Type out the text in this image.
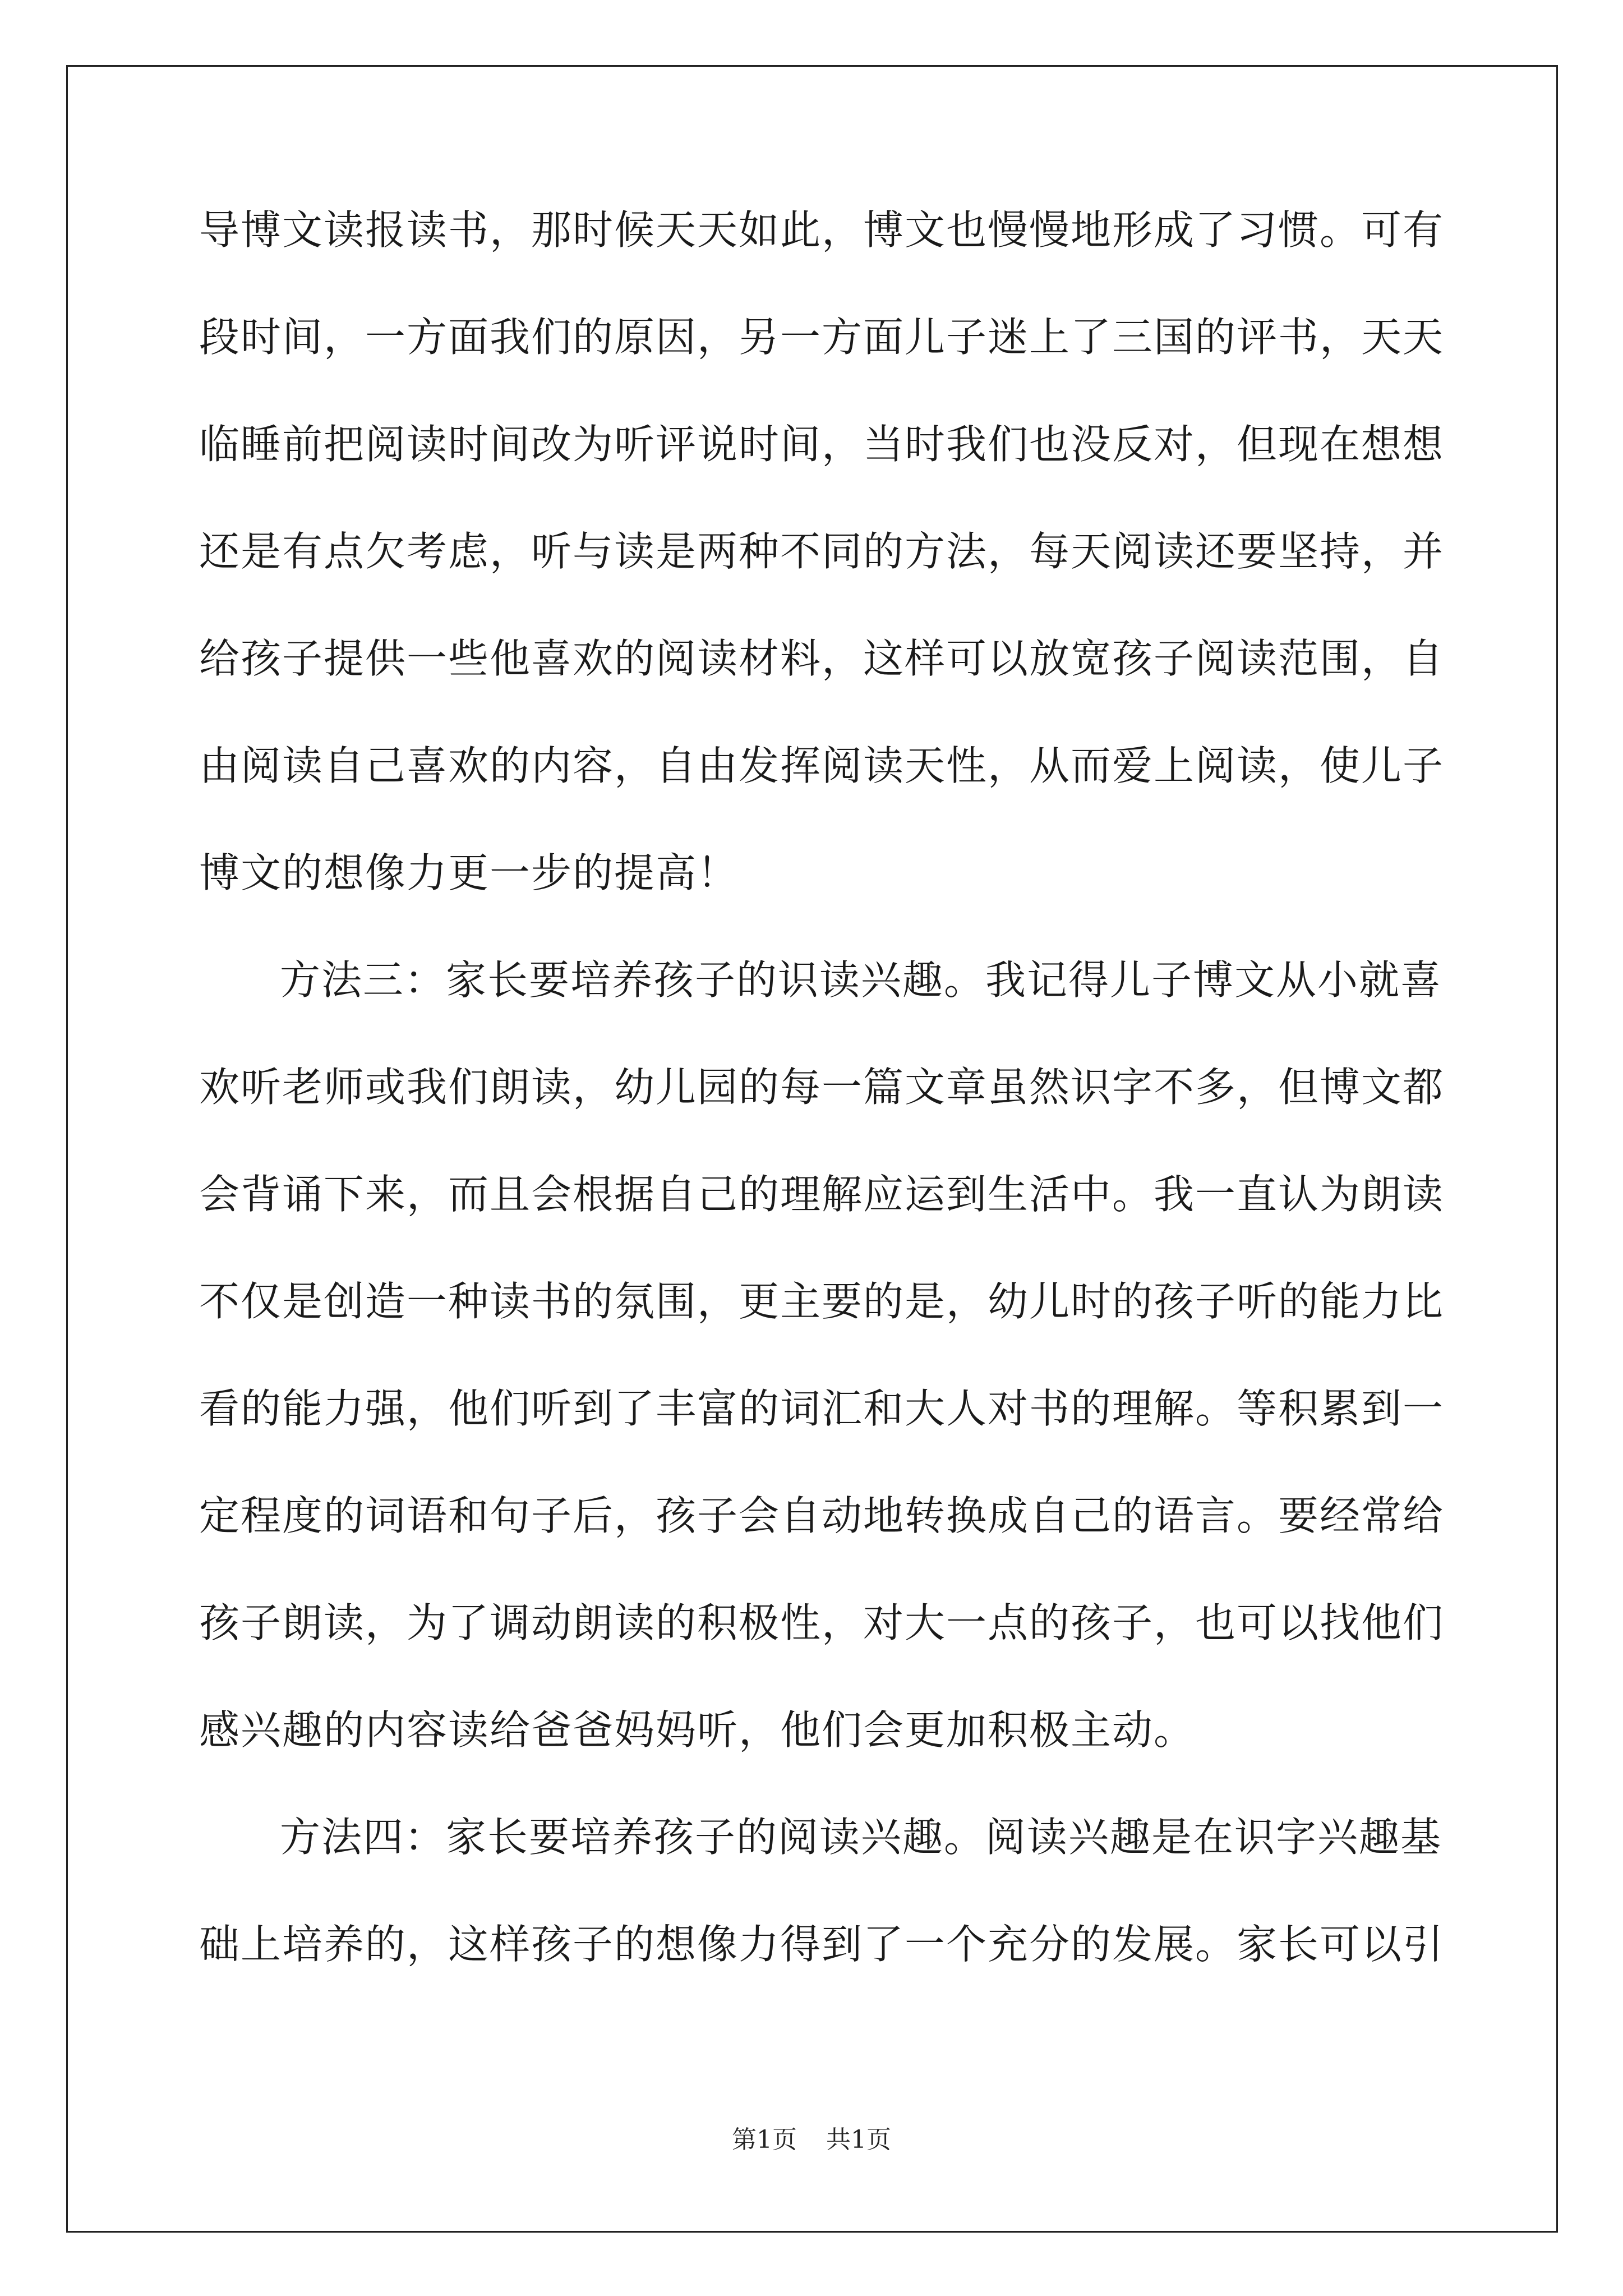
导博文读报读书，那时候天天如此，博文也慢慢地形成了习惯。可有
段时间，一方面我们的原因，另一方面儿子迷上了三国的评书，天天
临睡前把阅读时间改为听评说时间，当时我们也没反对，但现在想想
还是有点欠考虑，听与读是两种不同的方法，每天阅读还要坚持，并
给孩子提供一些他喜欢的阅读材料，这样可以放宽孩子阅读范围，自
由阅读自己喜欢的内容，自由发挥阅读天性，从而爱上阅读，使儿子
博文的想像力更一步的提高！
方法三：家长要培养孩子的识读兴趣。我记得儿子博文从小就喜
欢听老师或我们朗读，幼儿园的每一篇文章虽然识字不多，但博文都
会背诵下来，而且会根据自己的理解应运到生活中。我一直认为朗读
不仅是创造一种读书的氛围，更主要的是，幼儿时的孩子听的能力比
看的能力强，他们听到了丰富的词汇和大人对书的理解。等积累到一
定程度的词语和句子后，孩子会自动地转换成自己的语言。要经常给
孩子朗读，为了调动朗读的积极性，对大一点的孩子，也可以找他们
感兴趣的内容读给爸爸妈妈听，他们会更加积极主动。
方法四：家长要培养孩子的阅读兴趣。阅读兴趣是在识字兴趣基
础上培养的，这样孩子的想像力得到了一个充分的发展。家长可以引
第1页 共1页
